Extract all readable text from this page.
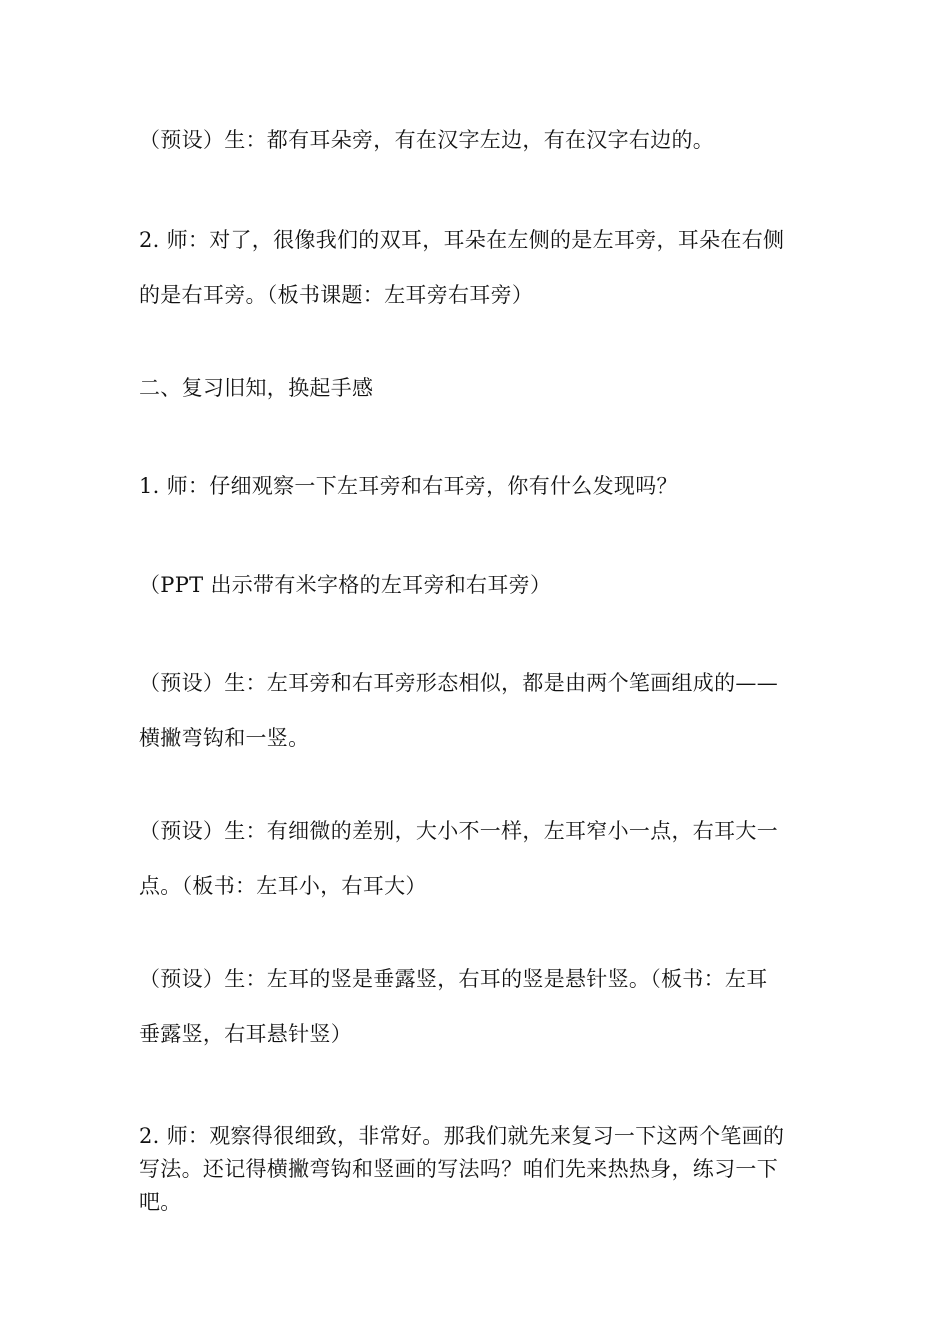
（预设）生：都有耳朵旁，有在汉字左边，有在汉字右边的。

2. 师：对了，很像我们的双耳，耳朵在左侧的是左耳旁，耳朵在右侧
的是右耳旁。（板书课题：左耳旁右耳旁）

二、复习旧知，换起手感

1. 师：仔细观察一下左耳旁和右耳旁，你有什么发现吗？

（PPT 出示带有米字格的左耳旁和右耳旁）

（预设）生：左耳旁和右耳旁形态相似，都是由两个笔画组成的——
横撇弯钩和一竖。

（预设）生：有细微的差别，大小不一样，左耳窄小一点，右耳大一
点。（板书：左耳小，右耳大）

（预设）生：左耳的竖是垂露竖，右耳的竖是悬针竖。（板书：左耳
垂露竖，右耳悬针竖）

2. 师：观察得很细致，非常好。那我们就先来复习一下这两个笔画的
写法。还记得横撇弯钩和竖画的写法吗？咱们先来热热身，练习一下
吧。
